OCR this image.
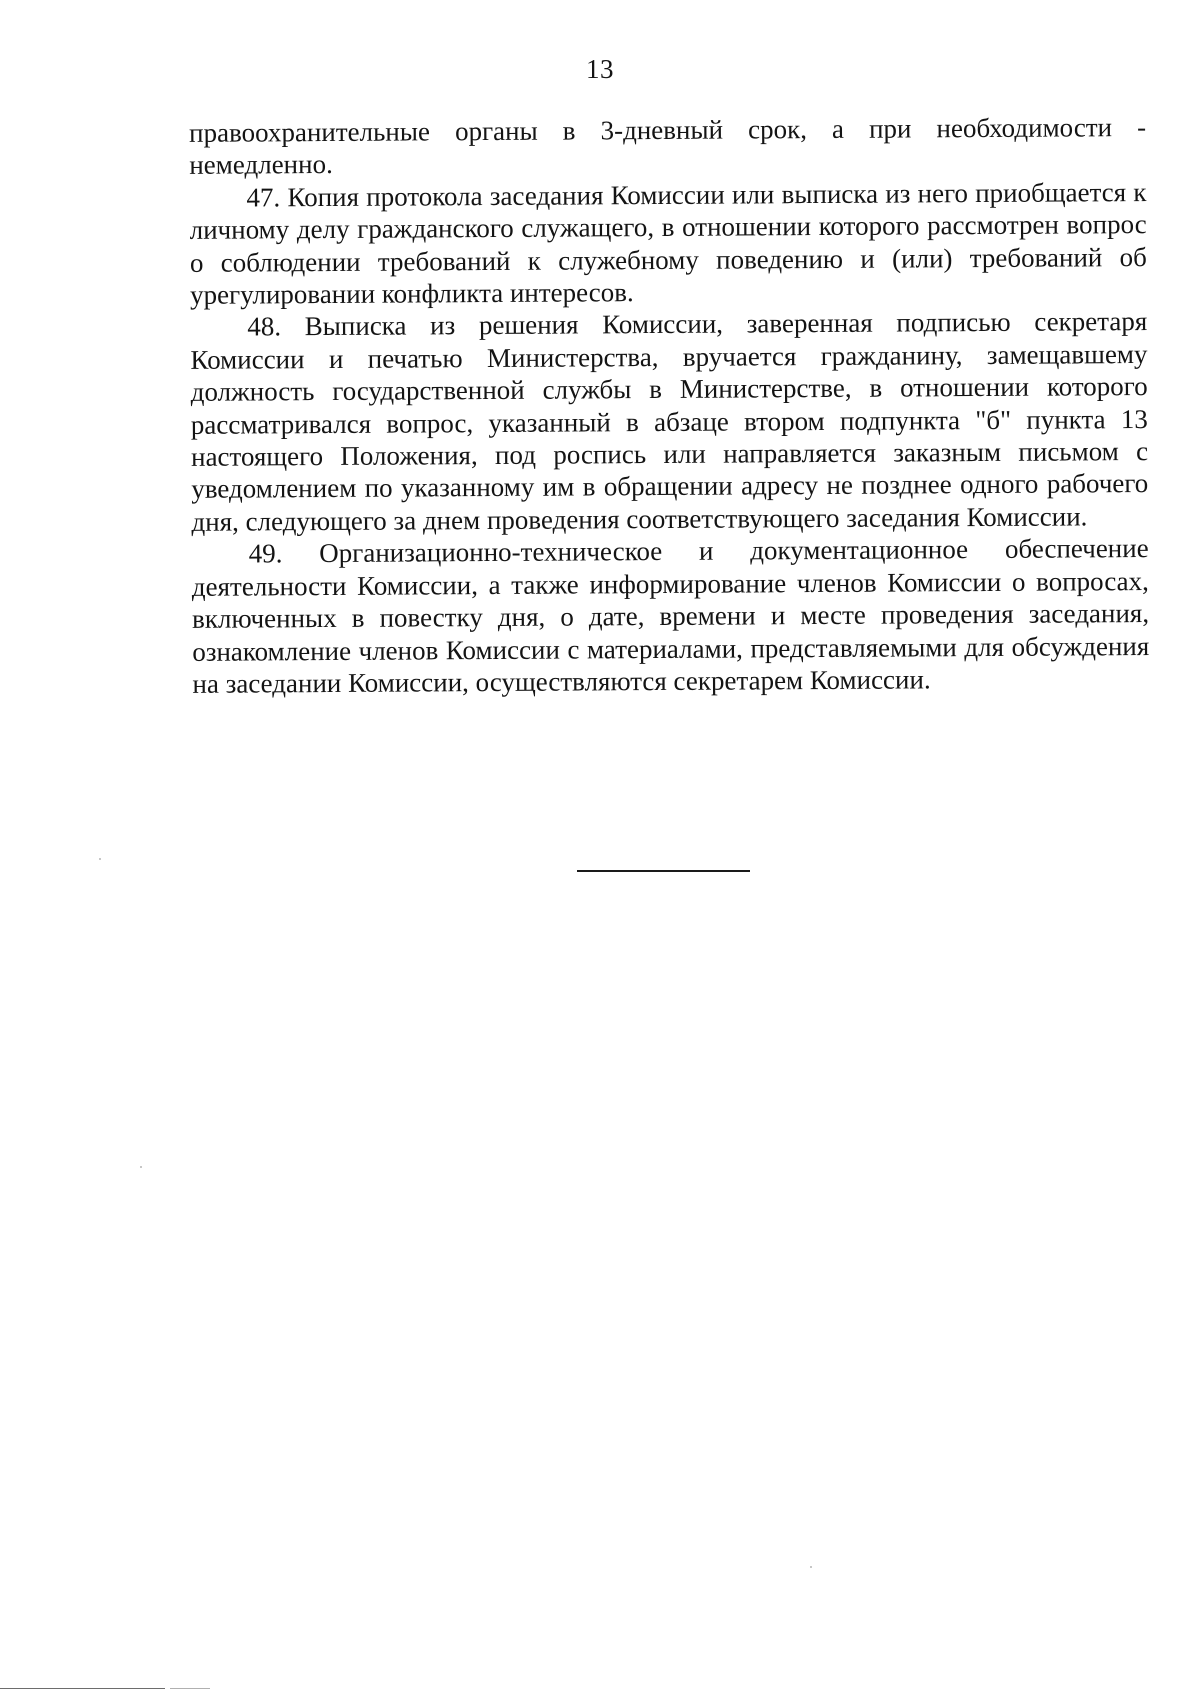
13

правоохранительные органы в 3-дневный срок, а при необходимости - немедленно.

47. Копия протокола заседания Комиссии или выписка из него приобщается к личному делу гражданского служащего, в отношении которого рассмотрен вопрос о соблюдении требований к служебному поведению и (или) требований об урегулировании конфликта интересов.

48. Выписка из решения Комиссии, заверенная подписью секретаря Комиссии и печатью Министерства, вручается гражданину, замещавшему должность государственной службы в Министерстве, в отношении которого рассматривался вопрос, указанный в абзаце втором подпункта "б" пункта 13 настоящего Положения, под роспись или направляется заказным письмом с уведомлением по указанному им в обращении адресу не позднее одного рабочего дня, следующего за днем проведения соответствующего заседания Комиссии.

49. Организационно-техническое и документационное обеспечение деятельности Комиссии, а также информирование членов Комиссии о вопросах, включенных в повестку дня, о дате, времени и месте проведения заседания, ознакомление членов Комиссии с материалами, представляемыми для обсуждения на заседании Комиссии, осуществляются секретарем Комиссии.
